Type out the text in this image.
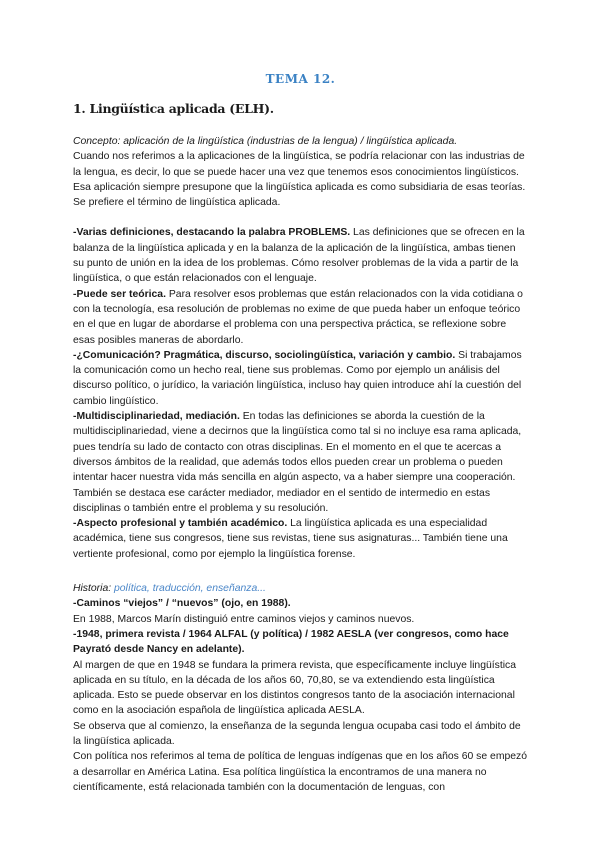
TEMA 12.
1. Lingüística aplicada (ELH).

Concepto: aplicación de la lingüística (industrias de la lengua) / lingüística aplicada.

Cuando nos referimos a la aplicaciones de la lingüística, se podría relacionar con las industrias de la lengua, es decir, lo que se puede hacer una vez que tenemos esos conocimientos lingüísticos. Esa aplicación siempre presupone que la lingüística aplicada es como subsidiaria de esas teorías. Se prefiere el término de lingüística aplicada.

-Varias definiciones, destacando la palabra PROBLEMS. Las definiciones que se ofrecen en la balanza de la lingüística aplicada y en la balanza de la aplicación de la lingüística, ambas tienen su punto de unión en la idea de los problemas. Cómo resolver problemas de la vida a partir de la lingüística, o que están relacionados con el lenguaje.

-Puede ser teórica. Para resolver esos problemas que están relacionados con la vida cotidiana o con la tecnología, esa resolución de problemas no exime de que pueda haber un enfoque teórico en el que en lugar de abordarse el problema con una perspectiva práctica, se reflexione sobre esas posibles maneras de abordarlo.

-¿Comunicación? Pragmática, discurso, sociolingüística, variación y cambio. Si trabajamos la comunicación como un hecho real, tiene sus problemas. Como por ejemplo un análisis del discurso político, o jurídico, la variación lingüística, incluso hay quien introduce ahí la cuestión del cambio lingüístico.

-Multidisciplinariedad, mediación. En todas las definiciones se aborda la cuestión de la multidisciplinariedad, viene a decirnos que la lingüística como tal si no incluye esa rama aplicada, pues tendría su lado de contacto con otras disciplinas. En el momento en el que te acercas a diversos ámbitos de la realidad, que además todos ellos pueden crear un problema o pueden intentar hacer nuestra vida más sencilla en algún aspecto, va a haber siempre una cooperación. También se destaca ese carácter mediador, mediador en el sentido de intermedio en estas disciplinas o también entre el problema y su resolución.

-Aspecto profesional y también académico. La lingüística aplicada es una especialidad académica, tiene sus congresos, tiene sus revistas, tiene sus asignaturas... También tiene una vertiente profesional, como por ejemplo la lingüística forense.

Historia: política, traducción, enseñanza...

-Caminos “viejos” / “nuevos” (ojo, en 1988).

En 1988, Marcos Marín distinguió entre caminos viejos y caminos nuevos.

-1948, primera revista / 1964 ALFAL (y política) / 1982 AESLA (ver congresos, como hace Payrató desde Nancy en adelante).

Al margen de que en 1948 se fundara la primera revista, que específicamente incluye lingüística aplicada en su título, en la década de los años 60, 70,80, se va extendiendo esta lingüística aplicada. Esto se puede observar en los distintos congresos tanto de la asociación internacional como en la asociación española de lingüística aplicada AESLA.

Se observa que al comienzo, la enseñanza de la segunda lengua ocupaba casi todo el ámbito de la lingüística aplicada.

Con política nos referimos al tema de política de lenguas indígenas que en los años 60 se empezó a desarrollar en América Latina. Esa política lingüística la encontramos de una manera no científicamente, está relacionada también con la documentación de lenguas, con
